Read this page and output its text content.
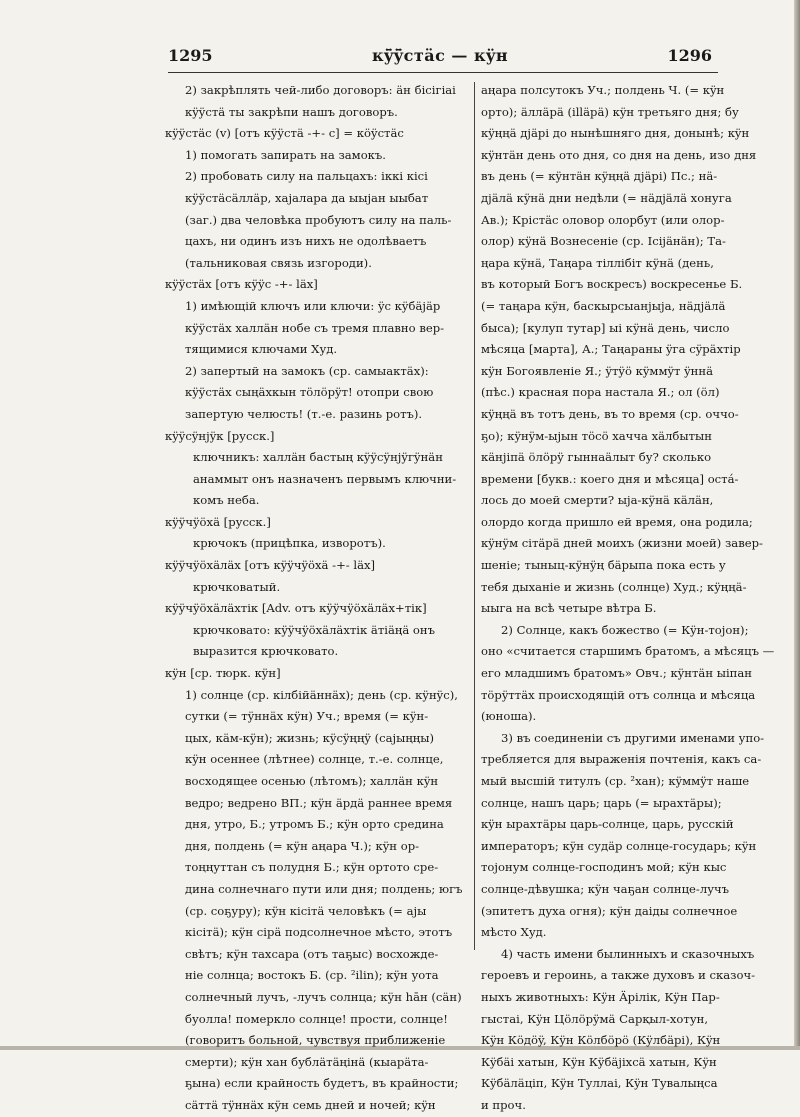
1295	кÿ̄ÿ̄стäс — кÿн	1296
2) закрѣплять чей-либо договоръ: äн бісігіаі
кÿÿстä ты закрѣпи нашъ договоръ.
кÿÿстäс (v) [отъ кÿÿстä -+- с] = кöÿстäс
1) помогать запирать на замокъ.
2) пробовать силу на пальцахъ: іккі кісі
кÿÿстäсäллäр, хаjалара да ыыjан ыыбат
(заг.) два человѣка пробуютъ силу на паль-
цахъ, ни одинъ изъ нихъ не одолѣваетъ
(тальниковая связь изгороди).
кÿÿстäх [отъ кÿÿс -+- läх]
1) имѣющій ключъ или ключи: ÿс кÿбäjäр
кÿÿстäх халлäн нобе съ тремя плавно вер-
тящимися ключами Худ.
2) запертый на замокъ (ср. самыактäх):
кÿÿстäх сыңäхкын тöлöрÿт! отопри свою
запертую челюсть! (т.-е. разинь ротъ).
кÿÿсÿнjÿк [русск.]
ключникъ: халлäн бастың кÿÿсÿнjÿгÿнäн
анаммыт онъ назначенъ первымъ ключни-
комъ неба.
кÿÿчÿöхä [русск.]
крючокъ (прицѣпка, изворотъ).
кÿÿчÿöхäлäх [отъ кÿÿчÿöхä -+- läх]
крючковатый.
кÿÿчÿöхäлäхтік [Adv. отъ кÿÿчÿöхäлäх+тік]
крючковато: кÿÿчÿöхäлäхтік äтіäңä онъ
выразится крючковато.
кÿн [ср. тюрк. кÿн]
1) солнце (ср. кілбійäннäх); день (ср. кÿнÿс),
сутки (= тÿннäх кÿн) Уч.; время (= кÿн-
цых, кäм-кÿн); жизнь; кÿсÿңңÿ (саjыңңы)
кÿн осеннее (лѣтнее) солнце, т.-е. солнце,
восходящее осенью (лѣтомъ); халлäн кÿн
ведро; ведрено ВП.; кÿн äрдä раннее время
дня, утро, Б.; утромъ Б.; кÿн орто средина
дня, полдень (= кÿн аңара Ч.); кÿн ор-
тоңңуттан съ полудня Б.; кÿн ортото сре-
дина солнечнаго пути или дня; полдень; югъ
(ср. соҕуру); кÿн кісітä человѣкъ (= аjы
кісітä); кÿн сірä подсолнечное мѣсто, этотъ
свѣтъ; кÿн тахсара (отъ таҕыс) восхожде-
ніе солнца; востокъ Б. (ср. ²ilin); кÿн уота
солнечный лучъ, -лучъ солнца; кÿн hāн (сäн)
буолла! померкло солнце! прости, солнце!
(говоритъ больной, чувствуя приближеніе
смерти); кÿн хан бублäтäңінä (кыарäта-
ҕына) если крайность будетъ, въ крайности;
сäттä тÿннäх кÿн семь дней и ночей; кÿн
аңара полсутокъ Уч.; полдень Ч. (= кÿн
орто); äллäрä (illäрä) кÿн третьяго дня; бу
кÿңңä дjäрі до нынѣшняго дня, донынѣ; кÿн
кÿнтäн день ото дня, со дня на день, изо дня
въ день (= кÿнтäн кÿңңä дjäрі) Пс.; нä-
дjäлä кÿнä дни недѣли (= нäдjäлä хонуга
Ав.); Крістäс оловор олорбут (или олор-
олор) кÿнä Вознесеніе (ср. Ісіjäнäн); Та-
ңара кÿнä, Таңара тіллібіт кÿнä (день,
въ который Богъ воскресъ) воскресенье Б.
(= таңара кÿн, баскырсыанjыjа, нäдjäлä
быса); [кулуп тутар] ыі кÿнä день, число
мѣсяца [марта], А.; Таңараны ÿга сÿрäхтір
кÿн Богоявленіе Я.; ÿтÿö кÿммÿт ÿннä
(пѣс.) красная пора настала Я.; ол (öл)
кÿңңä въ тотъ день, въ то время (ср. оччо-
ҕо); кÿнÿм-ыjын тöсö хачча хäлбытын
кäнjіпä öлöрÿ гыннаäлыт бу? сколько
времени [букв.: коего дня и мѣсяца] остá-
лось до моей смерти? ыjа-кÿнä кäлäн,
олордо когда пришло ей время, она родила;
кÿнÿм сітäрä дней моихъ (жизни моей) завер-
шеніе; тыныц-кÿнÿң бäрыпа пока есть у
тебя дыханіе и жизнь (солнце) Худ.; кÿңңä-
ыыга на всѣ четыре вѣтра Б.
2) Солнце, какъ божество (= Кÿн-тоjон);
оно «считается старшимъ братомъ, а мѣсяцъ —
его младшимъ братомъ» Овч.; кÿнтäн ыіпан
тöрÿттäх происходящій отъ солнца и мѣсяца
(юноша).
3) въ соединеніи съ другими именами упо-
требляется для выраженія почтенія, какъ са-
мый высшій титулъ (ср. ²хан); кÿммÿт наше
солнце, нашъ царь; царь (= ырахтäры);
кÿн ырахтäры царь-солнце, царь, русскій
императоръ; кÿн судäр солнце-государь; кÿн
тоjонум солнце-господинъ мой; кÿн кыс
солнце-дѣвушка; кÿн чаҕан солнце-лучъ
(эпитетъ духа огня); кÿн даiды солнечное
мѣсто Худ.
4) часть имени былинныхъ и сказочныхъ
героевъ и героинь, а также духовъ и сказоч-
ныхъ животныхъ: Кÿн Äрілік, Кÿн Пар-
гыстаі, Кÿн Цöлöрÿмä Сарқыл-хотун,
Кÿн Кöдöÿ, Кÿн Кöлбöрö (Кÿлбäрі), Кÿн
Кÿбäі хатын, Кÿн Кÿбäjіхсä хатын, Кÿн
Кÿбäлäціп, Кÿн Туллаі, Кÿн Тувалыңса
и проч.
